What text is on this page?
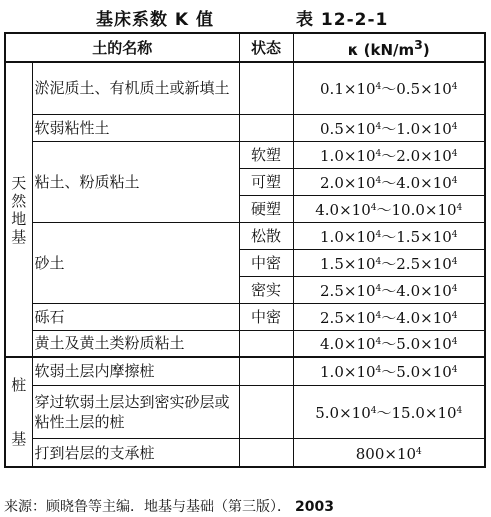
基床系数 K 值	表 12-2-1
土的名称		状态	κ $(kN/m^3)$

天
然
地
基	淤泥质土、有机质土或新填土		$0.1\times 10^4\sim 0.5\times 10^4$
	软弱粘性土		$0.5\times 10^4\sim 1.0\times 10^4$
	粘土、粉质粘土	软塑	$1.0\times 10^4\sim 2.0\times 10^4$
		可塑	$2.0\times 10^4\sim 4.0\times 10^4$
		硬塑	$4.0\times 10^4\sim 10.0\times 10^4$
	砂土	松散	$1.0\times 10^4\sim 1.5\times 10^4$
		中密	$1.5\times 10^4\sim 2.5\times 10^4$
		密实	$2.5\times 10^4\sim 4.0\times 10^4$
	砾石	中密	$2.5\times 10^4\sim 4.0\times 10^4$
	黄土及黄土类粉质粘土		$4.0\times 10^4\sim 5.0\times 10^4$

桩
基	软弱土层内摩擦桩		$1.0\times 10^4\sim 5.0\times 10^4$
	穿过软弱土层达到密实砂层或粘性土层的桩		$5.0\times 10^4\sim 15.0\times 10^4$
	打到岩层的支承桩		$800\times 10^4$
来源：顾晓鲁等主编．地基与基础（第三版）． 2003
